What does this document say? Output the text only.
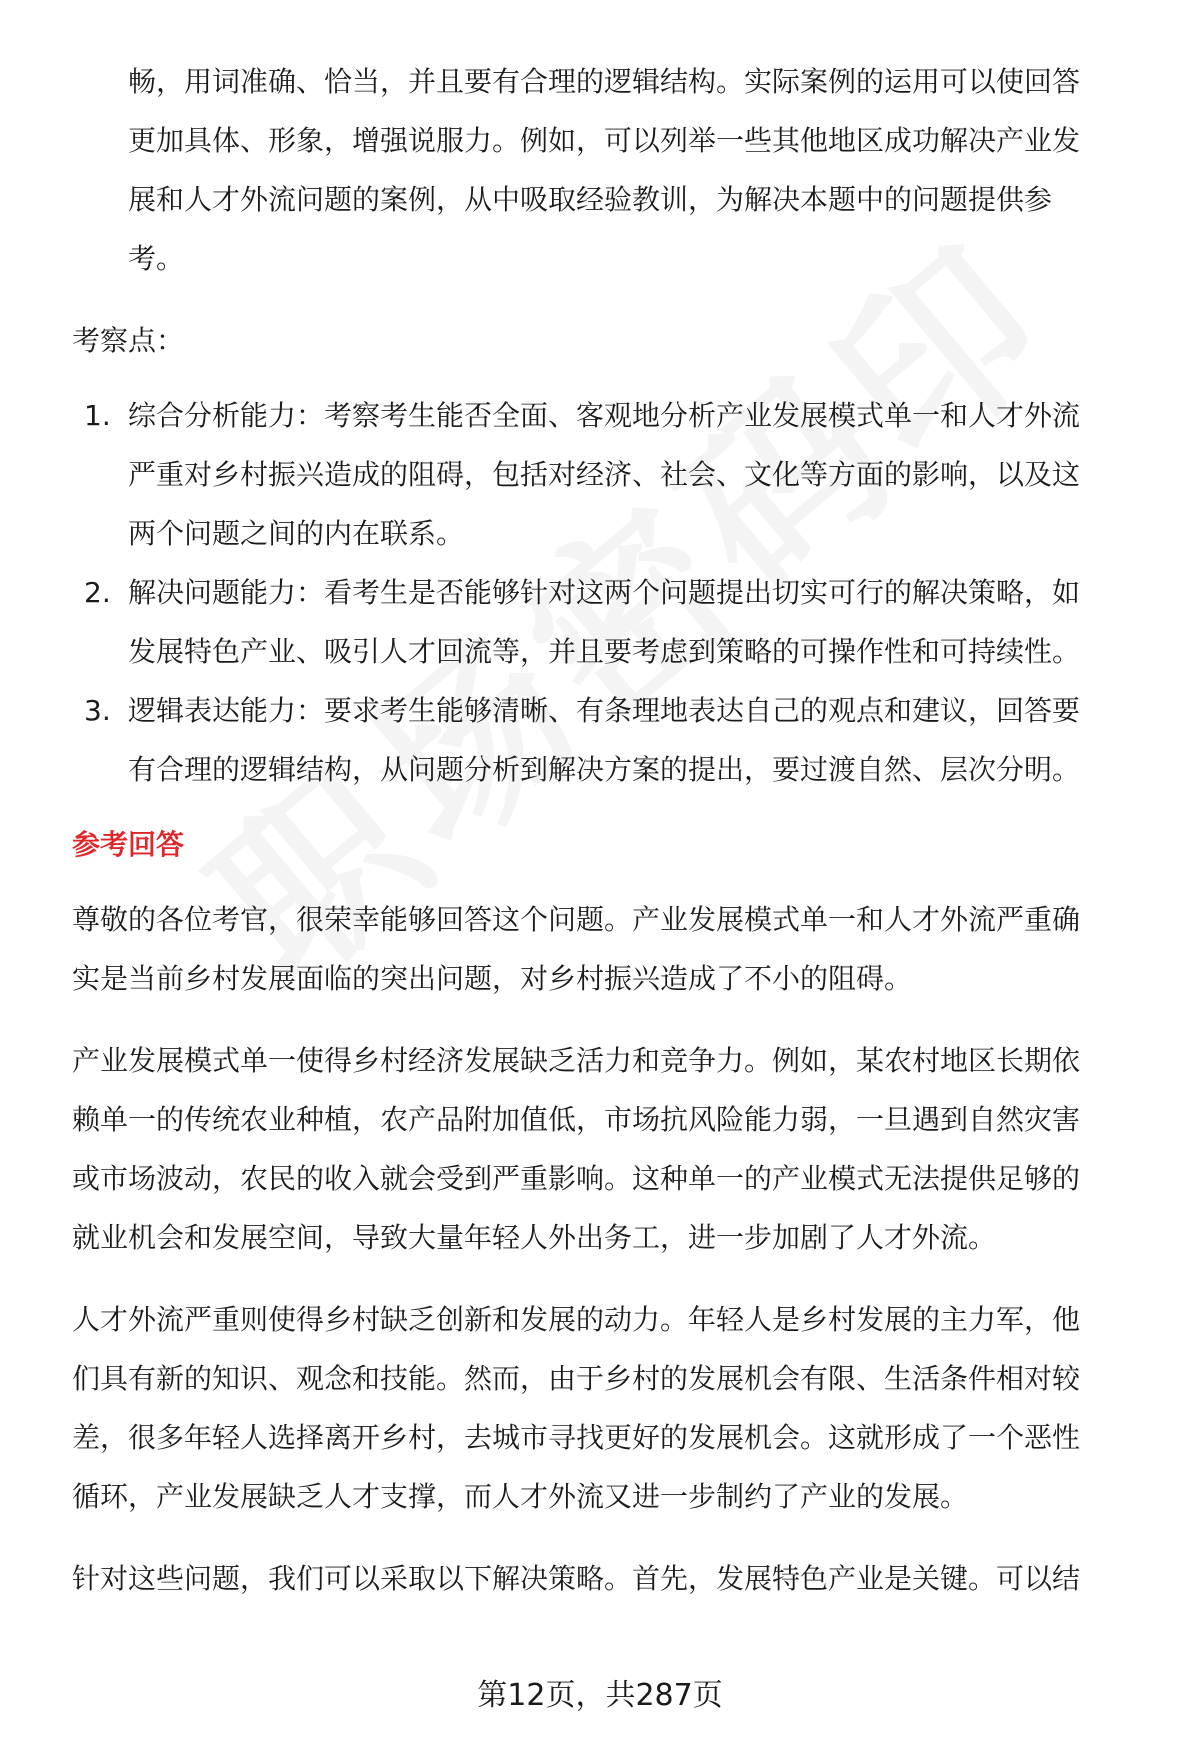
畅，用词准确、恰当，并且要有合理的逻辑结构。实际案例的运用可以使回答
更加具体、形象，增强说服力。例如，可以列举一些其他地区成功解决产业发
展和人才外流问题的案例，从中吸取经验教训，为解决本题中的问题提供参
考。
考察点：
1. 综合分析能力：考察考生能否全面、客观地分析产业发展模式单一和人才外流
严重对乡村振兴造成的阻碍，包括对经济、社会、文化等方面的影响，以及这
两个问题之间的内在联系。
2. 解决问题能力：看考生是否能够针对这两个问题提出切实可行的解决策略，如
发展特色产业、吸引人才回流等，并且要考虑到策略的可操作性和可持续性。
3. 逻辑表达能力：要求考生能够清晰、有条理地表达自己的观点和建议，回答要
有合理的逻辑结构，从问题分析到解决方案的提出，要过渡自然、层次分明。
参考回答
尊敬的各位考官，很荣幸能够回答这个问题。产业发展模式单一和人才外流严重确
实是当前乡村发展面临的突出问题，对乡村振兴造成了不小的阻碍。
产业发展模式单一使得乡村经济发展缺乏活力和竞争力。例如，某农村地区长期依
赖单一的传统农业种植，农产品附加值低，市场抗风险能力弱，一旦遇到自然灾害
或市场波动，农民的收入就会受到严重影响。这种单一的产业模式无法提供足够的
就业机会和发展空间，导致大量年轻人外出务工，进一步加剧了人才外流。
人才外流严重则使得乡村缺乏创新和发展的动力。年轻人是乡村发展的主力军，他
们具有新的知识、观念和技能。然而，由于乡村的发展机会有限、生活条件相对较
差，很多年轻人选择离开乡村，去城市寻找更好的发展机会。这就形成了一个恶性
循环，产业发展缺乏人才支撑，而人才外流又进一步制约了产业的发展。
针对这些问题，我们可以采取以下解决策略。首先，发展特色产业是关键。可以结
第12页，共287页
